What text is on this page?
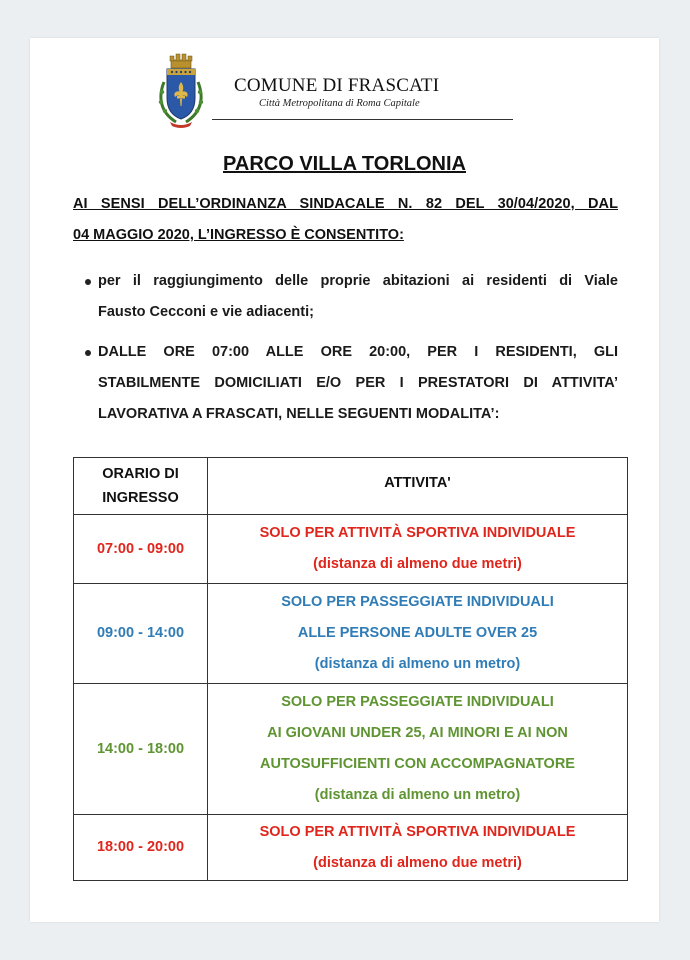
COMUNE DI FRASCATI
Città Metropolitana di Roma Capitale
PARCO VILLA TORLONIA
AI SENSI DELL’ORDINANZA SINDACALE N. 82 DEL 30/04/2020, DAL
04 MAGGIO 2020, L’INGRESSO È CONSENTITO:
per il raggiungimento delle proprie abitazioni ai residenti di Viale
Fausto Cecconi e vie adiacenti;
DALLE ORE 07:00 ALLE ORE 20:00, PER I RESIDENTI, GLI
STABILMENTE DOMICILIATI E/O PER I PRESTATORI DI ATTIVITA’
LAVORATIVA A FRASCATI, NELLE SEGUENTI MODALITA’:
ORARIO DI
INGRESSO	ATTIVITA'
07:00 - 09:00	SOLO PER ATTIVITÀ SPORTIVA INDIVIDUALE
(distanza di almeno due metri)

09:00 - 14:00	SOLO PER PASSEGGIATE INDIVIDUALI
ALLE PERSONE ADULTE OVER 25
(distanza di almeno un metro)

14:00 - 18:00	SOLO PER PASSEGGIATE INDIVIDUALI
AI GIOVANI UNDER 25, AI MINORI E AI NON
AUTOSUFFICIENTI CON ACCOMPAGNATORE
(distanza di almeno un metro)

18:00 - 20:00	SOLO PER ATTIVITÀ SPORTIVA INDIVIDUALE
(distanza di almeno due metri)
